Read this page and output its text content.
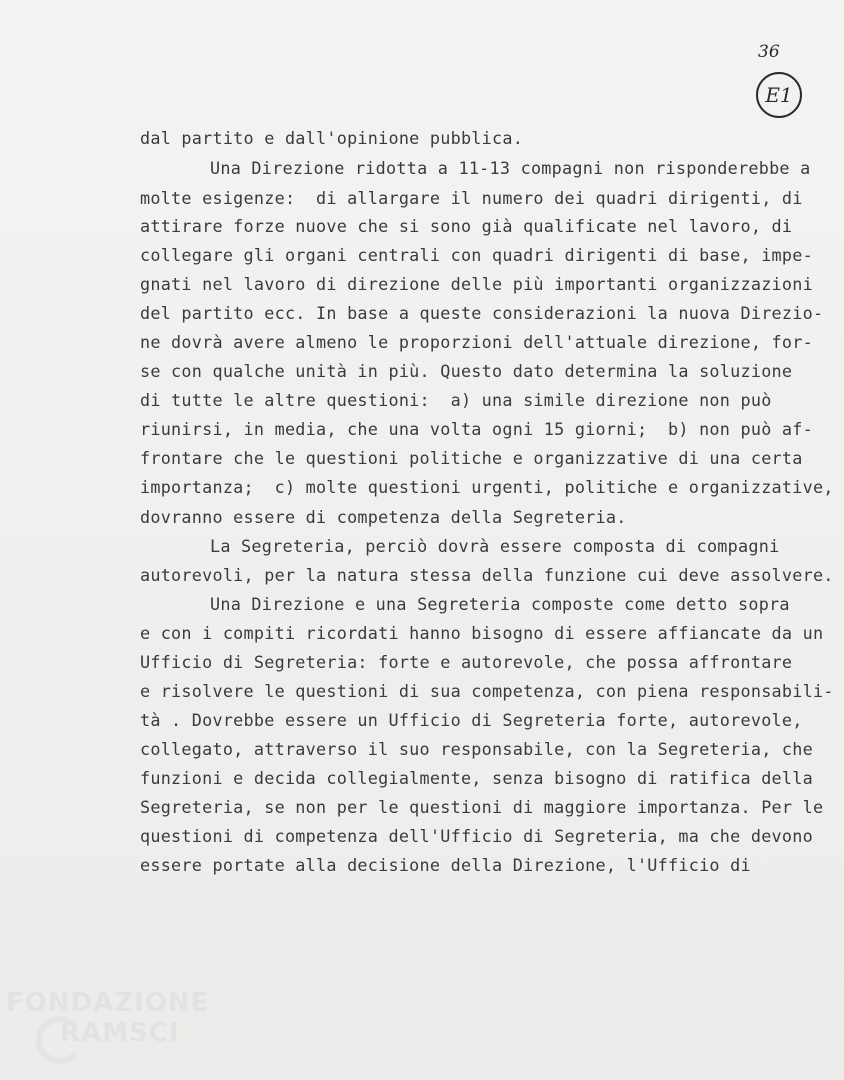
36
E1
dal partito e dall'opinione pubblica.
Una Direzione ridotta a 11-13 compagni non risponderebbe a
molte esigenze:  di allargare il numero dei quadri dirigenti, di
attirare forze nuove che si sono già qualificate nel lavoro, di
collegare gli organi centrali con quadri dirigenti di base, impe-
gnati nel lavoro di direzione delle più importanti organizzazioni
del partito ecc. In base a queste considerazioni la nuova Direzio-
ne dovrà avere almeno le proporzioni dell'attuale direzione, for-
se con qualche unità in più. Questo dato determina la soluzione
di tutte le altre questioni:  a) una simile direzione non può
riunirsi, in media, che una volta ogni 15 giorni;  b) non può af-
frontare che le questioni politiche e organizzative di una certa
importanza;  c) molte questioni urgenti, politiche e organizzative,
dovranno essere di competenza della Segreteria.
La Segreteria, perciò dovrà essere composta di compagni
autorevoli, per la natura stessa della funzione cui deve assolvere.
Una Direzione e una Segreteria composte come detto sopra
e con i compiti ricordati hanno bisogno di essere affiancate da un
Ufficio di Segreteria: forte e autorevole, che possa affrontare
e risolvere le questioni di sua competenza, con piena responsabili-
tà . Dovrebbe essere un Ufficio di Segreteria forte, autorevole,
collegato, attraverso il suo responsabile, con la Segreteria, che
funzioni e decida collegialmente, senza bisogno di ratifica della
Segreteria, se non per le questioni di maggiore importanza. Per le
questioni di competenza dell'Ufficio di Segreteria, ma che devono
essere portate alla decisione della Direzione, l'Ufficio di
FONDAZIONE
RAMSCI
